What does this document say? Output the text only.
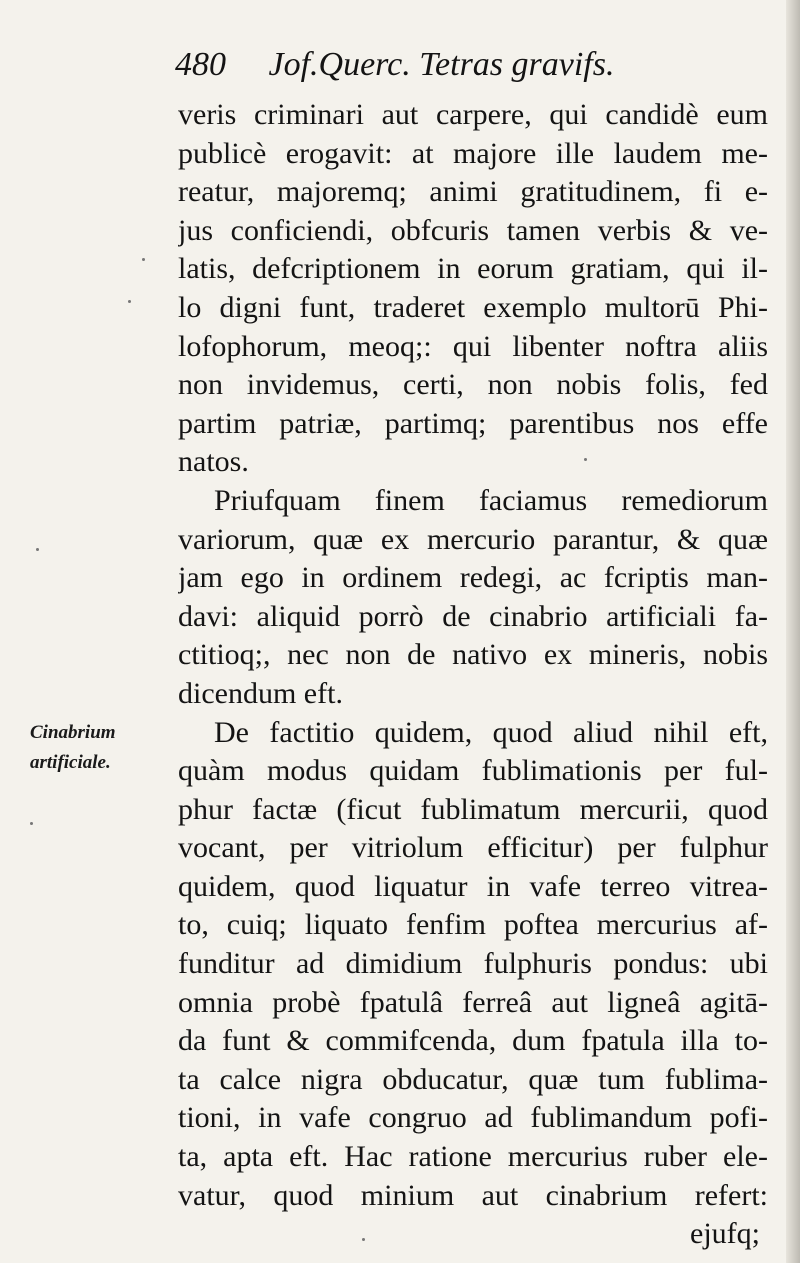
480 Jof.Querc. Tetras gravifs.
Cinabrium
artificiale.
veris criminari aut carpere, qui candidè eum
publicè erogavit: at majore ille laudem me-
reatur, majoremq; animi gratitudinem, fi e-
jus conficiendi, obfcuris tamen verbis & ve-
latis, defcriptionem in eorum gratiam, qui il-
lo digni funt, traderet exemplo multorū Phi-
lofophorum, meoq;: qui libenter noftra aliis
non invidemus, certi, non nobis folis, fed
partim patriæ, partimq; parentibus nos effe
natos.
Priufquam finem faciamus remediorum
variorum, quæ ex mercurio parantur, & quæ
jam ego in ordinem redegi, ac fcriptis man-
davi: aliquid porrò de cinabrio artificiali fa-
ctitioq;, nec non de nativo ex mineris, nobis
dicendum eft.
De factitio quidem, quod aliud nihil eft,
quàm modus quidam fublimationis per ful-
phur factæ (ficut fublimatum mercurii, quod
vocant, per vitriolum efficitur) per fulphur
quidem, quod liquatur in vafe terreo vitrea-
to, cuiq; liquato fenfim poftea mercurius af-
funditur ad dimidium fulphuris pondus: ubi
omnia probè fpatulâ ferreâ aut ligneâ agitā-
da funt & commifcenda, dum fpatula illa to-
ta calce nigra obducatur, quæ tum fublima-
tioni, in vafe congruo ad fublimandum pofi-
ta, apta eft. Hac ratione mercurius ruber ele-
vatur, quod minium aut cinabrium refert:
ejufq;
